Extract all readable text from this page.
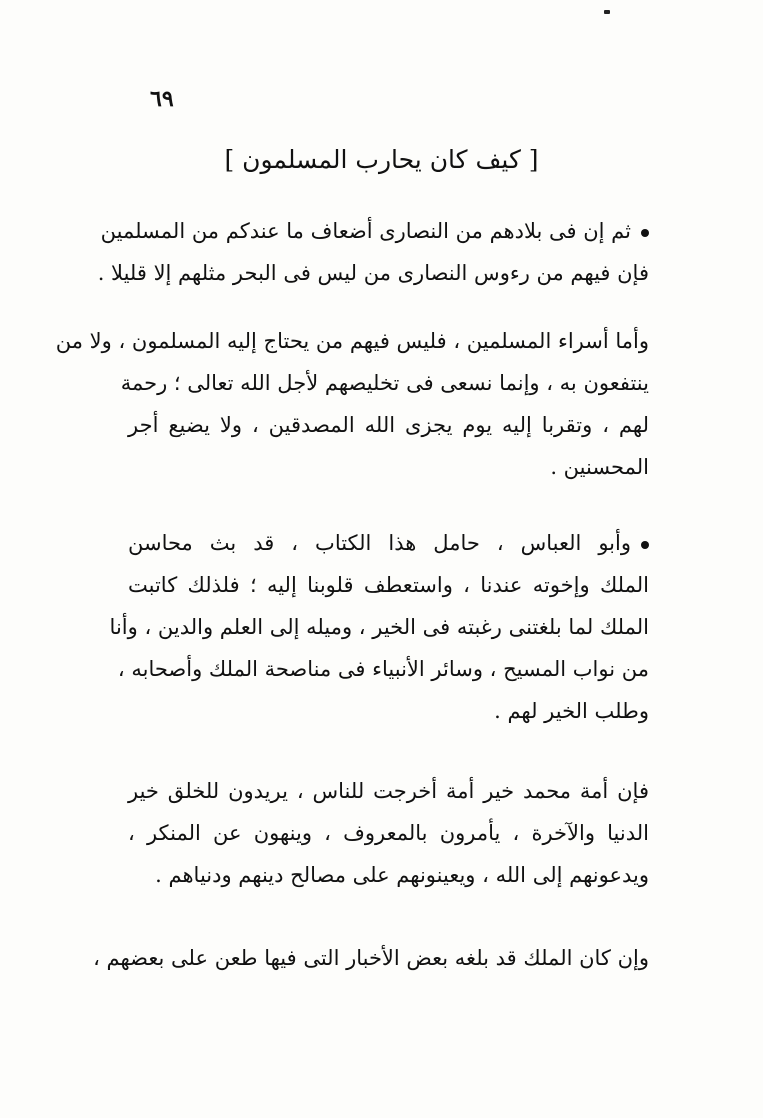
٦٩
[ كيف كان يحارب المسلمون ]
ثم إن فى بلادهم من النصارى أضعاف ما عندكم من المسلمين
فإن فيهم من رءوس النصارى من ليس فى البحر مثلهم إلا قليلا .
وأما أسراء المسلمين ، فليس فيهم من يحتاج إليه المسلمون ، ولا من
ينتفعون به ، وإنما نسعى فى تخليصهم لأجل الله تعالى ؛ رحمة
لهم ، وتقربا إليه يوم يجزى الله المصدقين ، ولا يضيع أجر
المحسنين .
وأبو العباس ، حامل هذا الكتاب ، قد بث محاسن
الملك وإخوته عندنا ، واستعطف قلوبنا إليه ؛ فلذلك كاتبت
الملك لما بلغتنى رغبته فى الخير ، وميله إلى العلم والدين ، وأنا
من نواب المسيح ، وسائر الأنبياء فى مناصحة الملك وأصحابه ،
وطلب الخير لهم .
فإن أمة محمد خير أمة أخرجت للناس ، يريدون للخلق خير
الدنيا والآخرة ، يأمرون بالمعروف ، وينهون عن المنكر ،
ويدعونهم إلى الله ، ويعينونهم على مصالح دينهم ودنياهم .
وإن كان الملك قد بلغه بعض الأخبار التى فيها طعن على بعضهم ،
